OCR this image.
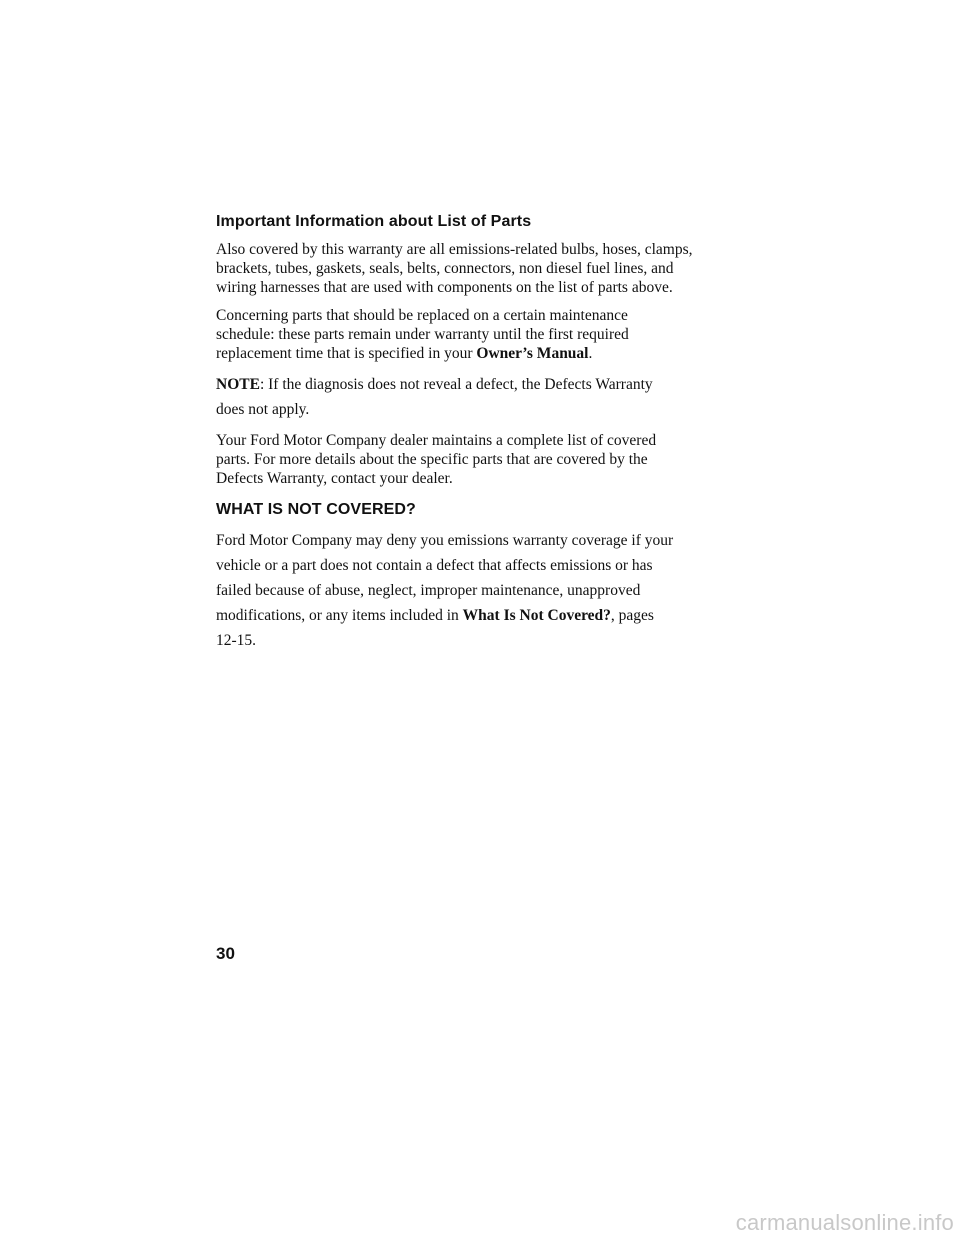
Important Information about List of Parts
Also covered by this warranty are all emissions-related bulbs, hoses, clamps,
brackets, tubes, gaskets, seals, belts, connectors, non diesel fuel lines, and
wiring harnesses that are used with components on the list of parts above.
Concerning parts that should be replaced on a certain maintenance
schedule: these parts remain under warranty until the first required
replacement time that is specified in your Owner’s Manual.
NOTE: If the diagnosis does not reveal a defect, the Defects Warranty
does not apply.
Your Ford Motor Company dealer maintains a complete list of covered
parts. For more details about the specific parts that are covered by the
Defects Warranty, contact your dealer.
WHAT IS NOT COVERED?
Ford Motor Company may deny you emissions warranty coverage if your
vehicle or a part does not contain a defect that affects emissions or has
failed because of abuse, neglect, improper maintenance, unapproved
modifications, or any items included in What Is Not Covered?, pages
12-15.
30
carmanualsonline.info
